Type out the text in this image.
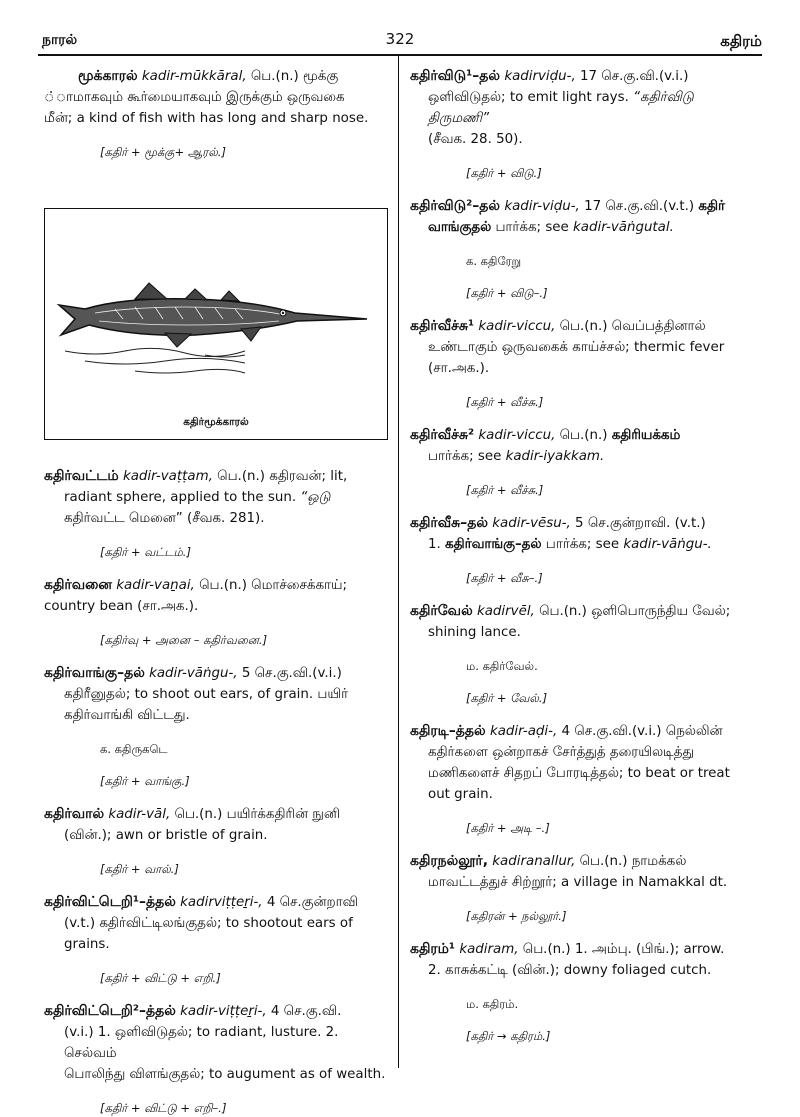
நாரல்	322	கதிரம்

மூக்காரல் kadir-mūkkāral, பெ.(n.) மூக்கு

்ாமாகவும் கூர்மையாகவும் இருக்கும் ஒருவகை

மீன்; a kind of fish with has long and sharp nose.

[கதிர் + மூக்கு+ ஆரல்.]

கதிர்மூக்காரல்

கதிர்வட்டம் kadir-vaṭṭam, பெ.(n.) கதிரவன்; lit,

radiant sphere, applied to the sun. “ஒடு

கதிர்வட்ட மெனை” (சீவக. 281).

[கதிர் + வட்டம்.]

கதிர்வனை kadir-vaṉai, பெ.(n.) மொச்சைக்காய்;

country bean (சா.அக.).

[கதிர்வு + அனை – கதிர்வனை.]

கதிர்வாங்கு–தல் kadir-vāṅgu-, 5 செ.கு.வி.(v.i.)

கதிரீனுதல்; to shoot out ears, of grain. பயிர்

கதிர்வாங்கி விட்டது.

க. கதிருகடெ

[கதிர் + வாங்கு.]

கதிர்வால் kadir-vāl, பெ.(n.) பயிர்க்கதிரின் நுனி

(வின்.); awn or bristle of grain.

[கதிர் + வால்.]

கதிர்விட்டெறி¹–த்தல் kadirviṭṭeṟi-, 4 செ.குன்றாவி

(v.t.) கதிர்விட்டிலங்குதல்; to shootout ears of

grains.

[கதிர் + விட்டு + எறி.]

கதிர்விட்டெறி²–த்தல் kadir-viṭṭeṟi-, 4 செ.கு.வி.

(v.i.) 1. ஒளிவிடுதல்; to radiant, lusture. 2. செல்வம்

பொலிந்து விளங்குதல்; to augument as of wealth.

[கதிர் + விட்டு + எறி–.]

கதிர்விடு¹–தல் kadirviḍu-, 17 செ.கு.வி.(v.i.)

ஒளிவிடுதல்; to emit light rays. “கதிர்விடு திருமணி”

(சீவக. 28. 50).

[கதிர் + விடு.]

கதிர்விடு²–தல் kadir-viḍu-, 17 செ.கு.வி.(v.t.) கதிர்

வாங்குதல் பார்க்க; see kadir-vāṅgutal.

க. கதிரேறு

[கதிர் + விடு–.]

கதிர்வீச்சு¹ kadir-viccu, பெ.(n.) வெப்பத்தினால்

உண்டாகும் ஒருவகைக் காய்ச்சல்; thermic fever

(சா.அக.).

[கதிர் + வீச்சு.]

கதிர்வீச்சு² kadir-viccu, பெ.(n.) கதிரியக்கம்

பார்க்க; see kadir-iyakkam.

[கதிர் + வீச்சு.]

கதிர்வீசு–தல் kadir-vēsu-, 5 செ.குன்றாவி. (v.t.)

1. கதிர்வாங்கு–தல் பார்க்க; see kadir-vāṅgu-.

[கதிர் + வீசு–.]

கதிர்வேல் kadirvēl, பெ.(n.) ஒளிபொருந்திய வேல்;

shining lance.

ம. கதிர்வேல்.

[கதிர் + வேல்.]

கதிரடி–த்தல் kadir-aḍi-, 4 செ.கு.வி.(v.i.) நெல்லின்

கதிர்களை ஒன்றாகச் சேர்த்துத் தரையிலடித்து

மணிகளைச் சிதறப் போரடித்தல்; to beat or treat

out grain.

[கதிர் + அடி –.]

கதிரநல்லூர், kadiranallur, பெ.(n.) நாமக்கல்

மாவட்டத்துச் சிற்றூர்; a village in Namakkal dt.

[கதிரன் + நல்லூர்.]

கதிரம்¹ kadiram, பெ.(n.) 1. அம்பு. (பிங்.); arrow.

2. காசுக்கட்டி (வின்.); downy foliaged cutch.

ம. கதிரம்.

[கதிர் → கதிரம்.]
